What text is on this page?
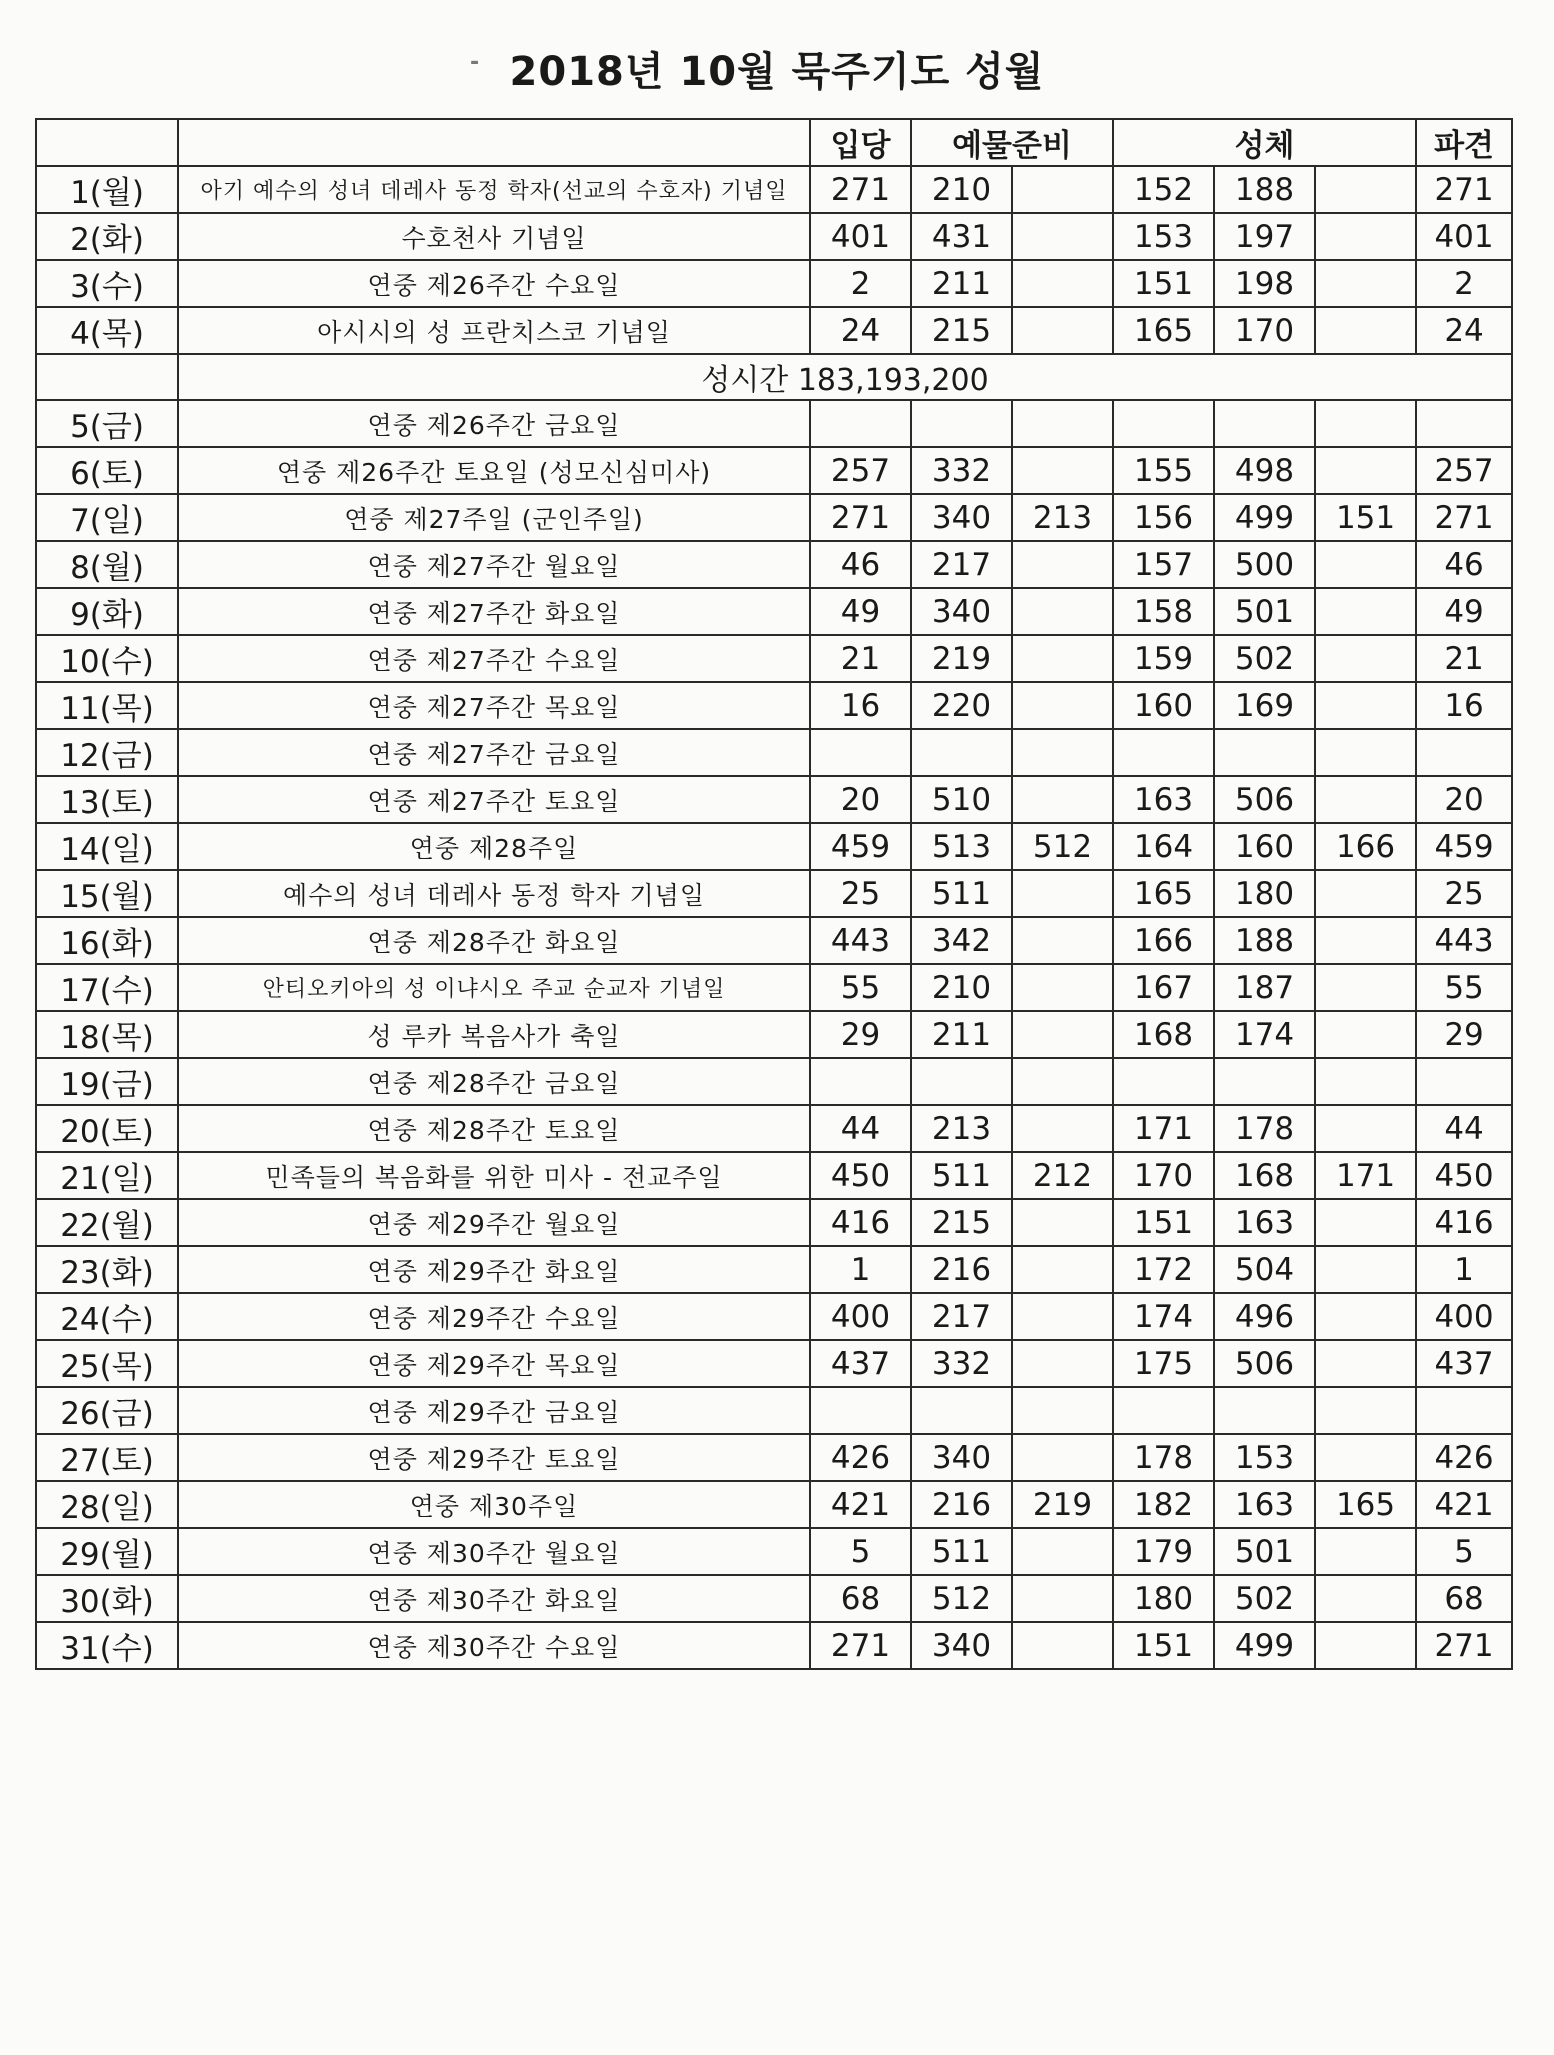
- 2018년 10월 묵주기도 성월
		입당	예물준비		성체			파견
1(월)	아기 예수의 성녀 데레사 동정 학자(선교의 수호자) 기념일	271	210		152	188		271
2(화)	수호천사 기념일	401	431		153	197		401
3(수)	연중 제26주간 수요일	2	211		151	198		2
4(목)	아시시의 성 프란치스코 기념일	24	215		165	170		24
	성시간 183,193,200							
5(금)	연중 제26주간 금요일							
6(토)	연중 제26주간 토요일 (성모신심미사)	257	332		155	498		257
7(일)	연중 제27주일 (군인주일)	271	340	213	156	499	151	271
8(월)	연중 제27주간 월요일	46	217		157	500		46
9(화)	연중 제27주간 화요일	49	340		158	501		49
10(수)	연중 제27주간 수요일	21	219		159	502		21
11(목)	연중 제27주간 목요일	16	220		160	169		16
12(금)	연중 제27주간 금요일							
13(토)	연중 제27주간 토요일	20	510		163	506		20
14(일)	연중 제28주일	459	513	512	164	160	166	459
15(월)	예수의 성녀 데레사 동정 학자 기념일	25	511		165	180		25
16(화)	연중 제28주간 화요일	443	342		166	188		443
17(수)	안티오키아의 성 이냐시오 주교 순교자 기념일	55	210		167	187		55
18(목)	성 루카 복음사가 축일	29	211		168	174		29
19(금)	연중 제28주간 금요일							
20(토)	연중 제28주간 토요일	44	213		171	178		44
21(일)	민족들의 복음화를 위한 미사 - 전교주일	450	511	212	170	168	171	450
22(월)	연중 제29주간 월요일	416	215		151	163		416
23(화)	연중 제29주간 화요일	1	216		172	504		1
24(수)	연중 제29주간 수요일	400	217		174	496		400
25(목)	연중 제29주간 목요일	437	332		175	506		437
26(금)	연중 제29주간 금요일							
27(토)	연중 제29주간 토요일	426	340		178	153		426
28(일)	연중 제30주일	421	216	219	182	163	165	421
29(월)	연중 제30주간 월요일	5	511		179	501		5
30(화)	연중 제30주간 화요일	68	512		180	502		68
31(수)	연중 제30주간 수요일	271	340		151	499		271
